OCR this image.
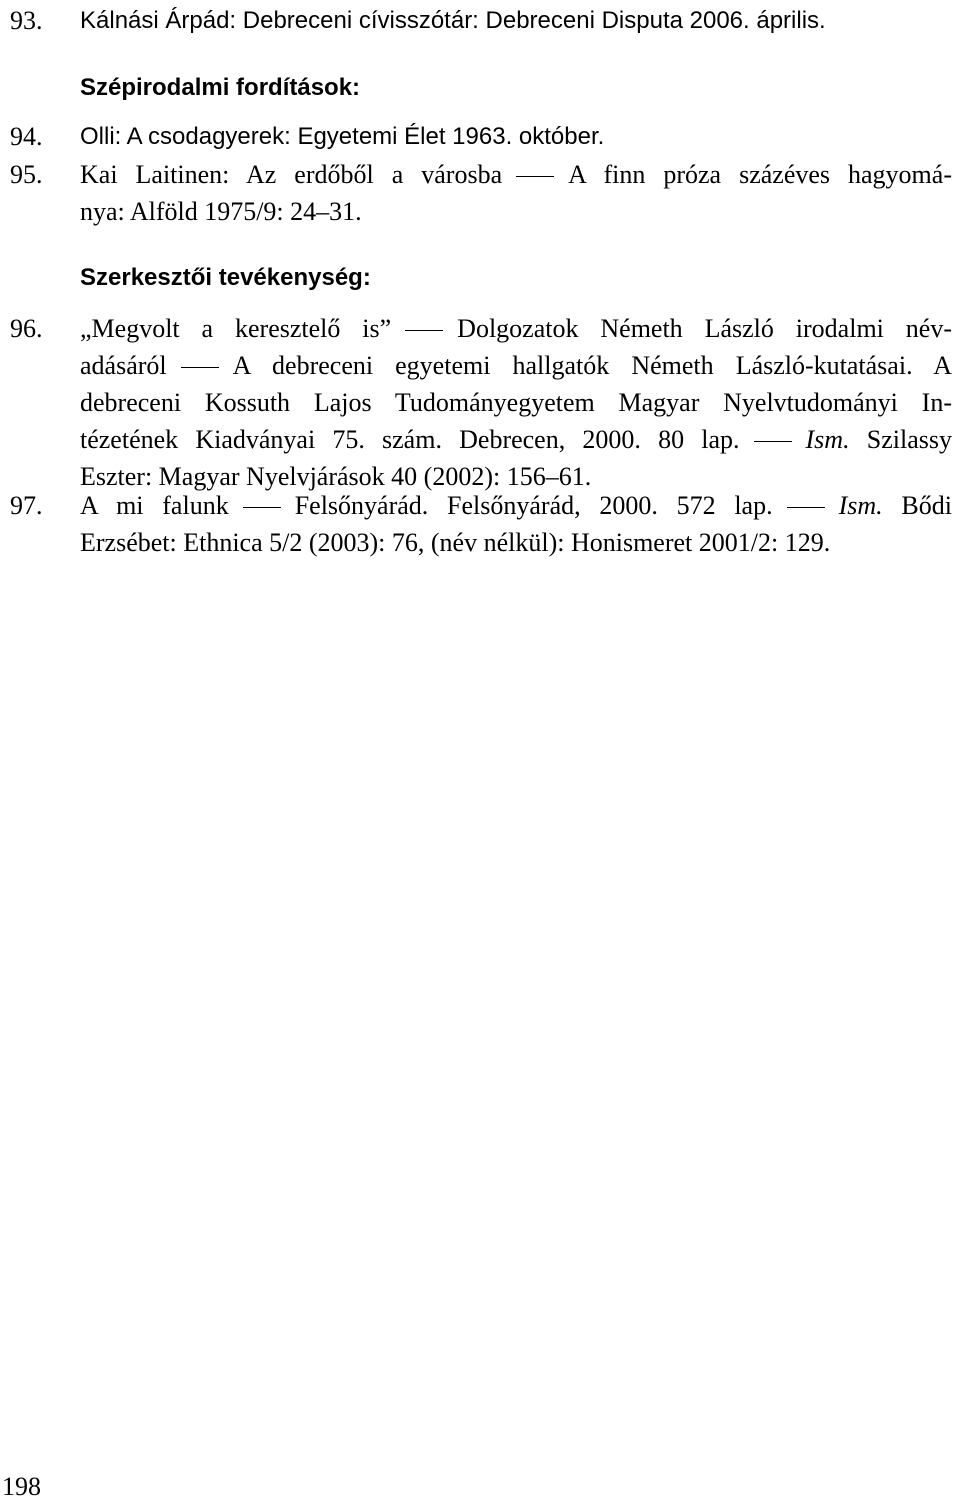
93.	Kálnási Árpád: Debreceni cívisszótár: Debreceni Disputa 2006. április.
Szépirodalmi fordítások:
94.	Olli: A csodagyerek: Egyetemi Élet 1963. október.
95.	Kai Laitinen: Az erdőből a városba	A finn próza százéves hagyomá-
nya: Alföld 1975/9: 24–31.
Szerkesztői tevékenység:
96.	„Megvolt a keresztelő is”	Dolgozatok Németh László irodalmi név-
adásáról	A debreceni egyetemi hallgatók Németh László-kutatásai. A
debreceni Kossuth Lajos Tudományegyetem Magyar Nyelvtudományi In-
tézetének Kiadványai 75. szám. Debrecen, 2000. 80 lap.	Ism. Szilassy
Eszter: Magyar Nyelvjárások 40 (2002): 156–61.
97.	A mi falunk	Felsőnyárád. Felsőnyárád, 2000. 572 lap.	Ism. Bődi
Erzsébet: Ethnica 5/2 (2003): 76, (név nélkül): Honismeret 2001/2: 129.
198
